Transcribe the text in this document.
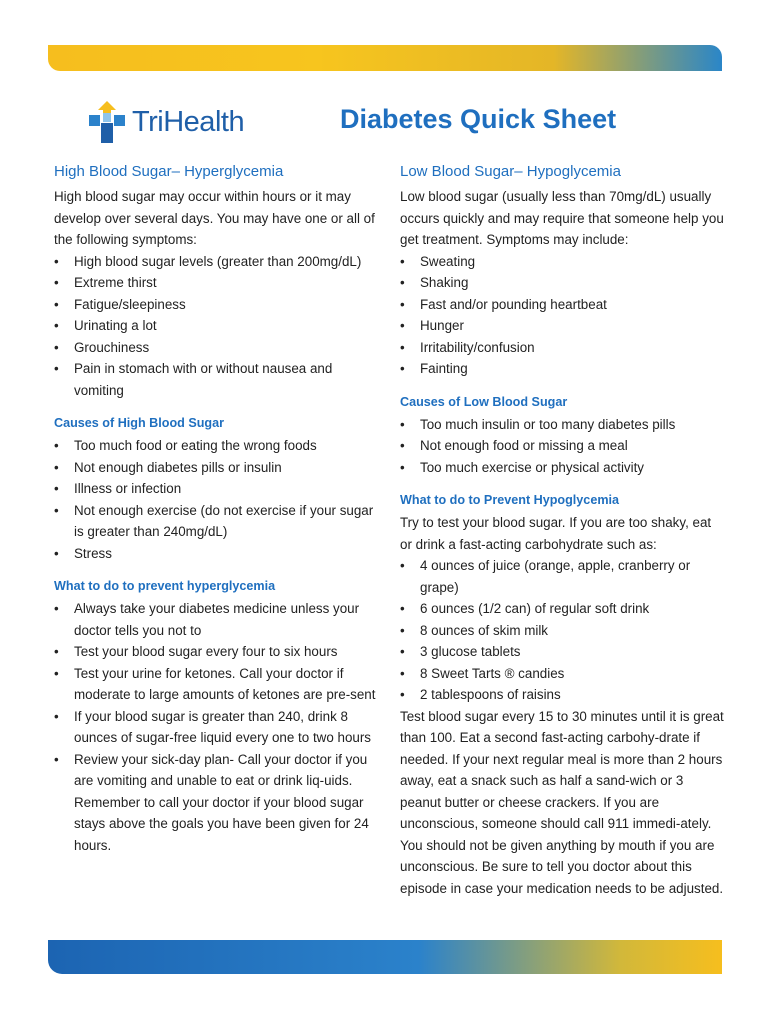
TriHealth	Diabetes Quick Sheet
High Blood Sugar– Hyperglycemia

High blood sugar may occur within hours or it may develop over several days. You may have one or all of the following symptoms:

• High blood sugar levels (greater than 200mg/dL)
• Extreme thirst
• Fatigue/sleepiness
• Urinating a lot
• Grouchiness
• Pain in stomach with or without nausea and vomiting
Causes of High Blood Sugar
• Too much food or eating the wrong foods
• Not enough diabetes pills or insulin
• Illness or infection
• Not enough exercise (do not exercise if your sugar is greater than 240mg/dL)
• Stress
What to do to prevent hyperglycemia
• Always take your diabetes medicine unless your doctor tells you not to
• Test your blood sugar every four to six hours
• Test your urine for ketones. Call your doctor if moderate to large amounts of ketones are pre-sent
• If your blood sugar is greater than 240, drink 8 ounces of sugar-free liquid every one to two hours
• Review your sick-day plan- Call your doctor if you are vomiting and unable to eat or drink liq-uids. Remember to call your doctor if your blood sugar stays above the goals you have been given for 24 hours.
Low Blood Sugar– Hypoglycemia

Low blood sugar (usually less than 70mg/dL) usually occurs quickly and may require that someone help you get treatment. Symptoms may include:

• Sweating
• Shaking
• Fast and/or pounding heartbeat
• Hunger
• Irritability/confusion
• Fainting
Causes of Low Blood Sugar
• Too much insulin or too many diabetes pills
• Not enough food or missing a meal
• Too much exercise or physical activity
What to do to Prevent Hypoglycemia

Try to test your blood sugar. If you are too shaky, eat or drink a fast-acting carbohydrate such as:

• 4 ounces of juice (orange, apple, cranberry or grape)
• 6 ounces (1/2 can) of regular soft drink
• 8 ounces of skim milk
• 3 glucose tablets
• 8 Sweet Tarts ® candies
• 2 tablespoons of raisins

Test blood sugar every 15 to 30 minutes until it is great than 100. Eat a second fast-acting carbohy-drate if needed. If your next regular meal is more than 2 hours away, eat a snack such as half a sand-wich or 3 peanut butter or cheese crackers. If you are unconscious, someone should call 911 immedi-ately. You should not be given anything by mouth if you are unconscious. Be sure to tell you doctor about this episode in case your medication needs to be adjusted.
